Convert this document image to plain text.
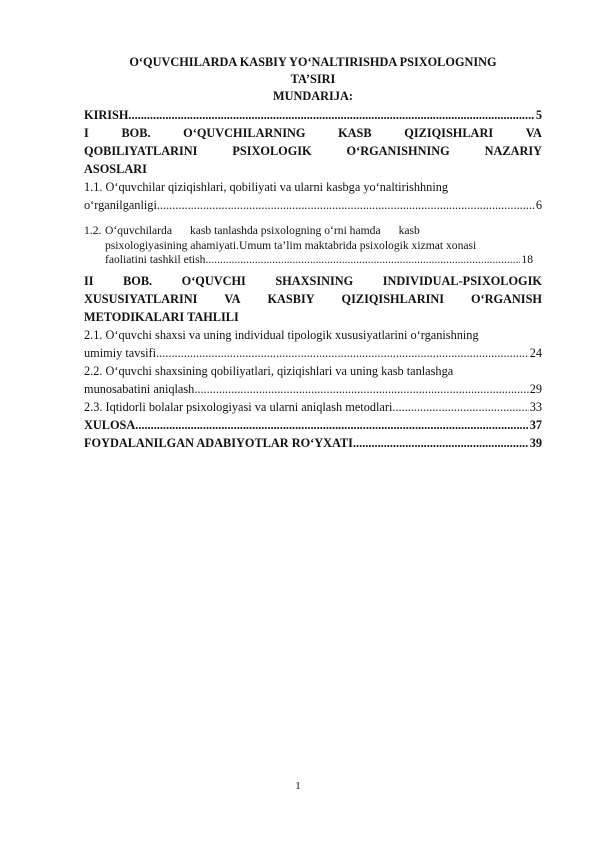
O‘QUVCHILARDA KASBIY YO‘NALTIRISHDA PSIXOLOGNING
TA’SIRI
MUNDARIJA:
KIRISH .....	5
I	BOB.	O‘QUVCHILARNING	KASB	QIZIQISHLARI	VA
QOBILIYATLARINI	PSIXOLOGIK	O‘RGANISHNING	NAZARIY
ASOSLARI
1.1. O‘quvchilar qiziqishlari, qobiliyati va ularni kasbga yo‘naltirishhning
o‘rganilganligi .....	6
1.2. O‘quvchilarda kasb tanlashda psixologning o‘rni hamda kasb
psixologiyasining ahamiyati.Umum ta’lim maktabrida psixologik xizmat xonasi
faoliatini tashkil etish .....	18
II BOB. O‘QUVCHI SHAXSINING INDIVIDUAL-PSIXOLOGIK
XUSUSIYATLARINI VA KASBIY QIZIQISHLARINI O‘RGANISH
METODIKALARI TAHLILI
2.1. O‘quvchi shaxsi va uning individual tipologik xususiyatlarini o‘rganishning
umimiy tavsifi .....	24
2.2. O‘quvchi shaxsining qobiliyatlari, qiziqishlari va uning kasb tanlashga
munosabatini aniqlash .....	29
2.3. Iqtidorli bolalar psixologiyasi va ularni aniqlash metodlari .....	33
XULOSA .....	37
FOYDALANILGAN ADABIYOTLAR RO‘YXATI .....	39
1
